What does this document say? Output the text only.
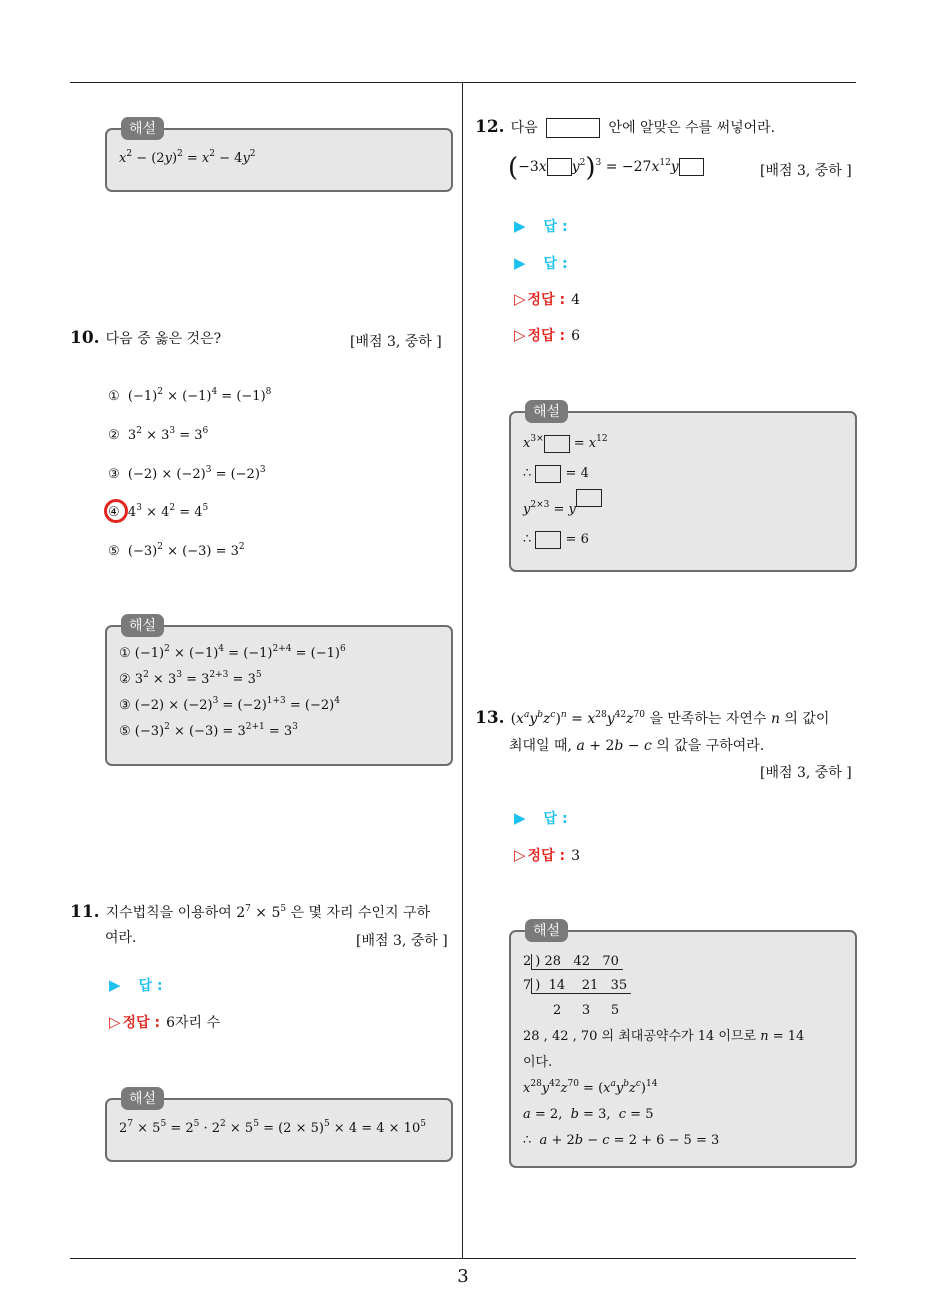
3
해설
$x^2 - (2y)^2 = x^2 - 4y^2$
10. 다음 중 옳은 것은?	[배점 3, 중하 ]
① $(-1)^2 \times (-1)^4 = (-1)^8$
② $3^2 \times 3^3 = 3^6$
③ $(-2) \times (-2)^3 = (-2)^3$
④ $4^3 \times 4^2 = 4^5$
⑤ $(-3)^2 \times (-3) = 3^2$
해설
① $(-1)^2 \times (-1)^4 = (-1)^{2+4} = (-1)^6$
② $3^2 \times 3^3 = 3^{2+3} = 3^5$
③ $(-2) \times (-2)^3 = (-2)^{1+3} = (-2)^4$
⑤ $(-3)^2 \times (-3) = 3^{2+1} = 3^3$
11. 지수법칙을 이용하여 $2^7 \times 5^5$ 은 몇 자리 수인지 구하
여라.	[배점 3, 중하 ]
▶ 답 :
▷ 정답 : 6자리 수
해설
$2^7 \times 5^5 = 2^5 \cdot 2^2 \times 5^5 = (2 \times 5)^5 \times 4 = 4 \times 10^5$
12. 다음	안에 알맞은 수를 써넣어라.
(−3x $y^2)^3 = -27x^{12}y$	[배점 3, 중하 ]
▶ 답 :
▶ 답 :
▷ 정답 : 4
▷ 정답 : 6
해설
$x^{3\times} = x^{12}$
∴  = 4
$y^{2\times 3} = y$
∴  = 6
13. $(x^ay^bz^c)^n = x^{28}y^{42}z^{70}$ 을 만족하는 자연수 n 의 값이
최대일 때, a + 2b − c 의 값을 구하여라.
[배점 3, 중하 ]
▶ 답 :
▷ 정답 : 3
해설
2 ) 28   42   70
7 )  14    21   35
2     3     5
28 , 42 , 70 의 최대공약수가 14 이므로 n = 14
이다.
$x^{28}y^{42}z^{70} = (x^ay^bz^c)^{14}$
a = 2,  b = 3,  c = 5
∴  a + 2b − c = 2 + 6 − 5 = 3
